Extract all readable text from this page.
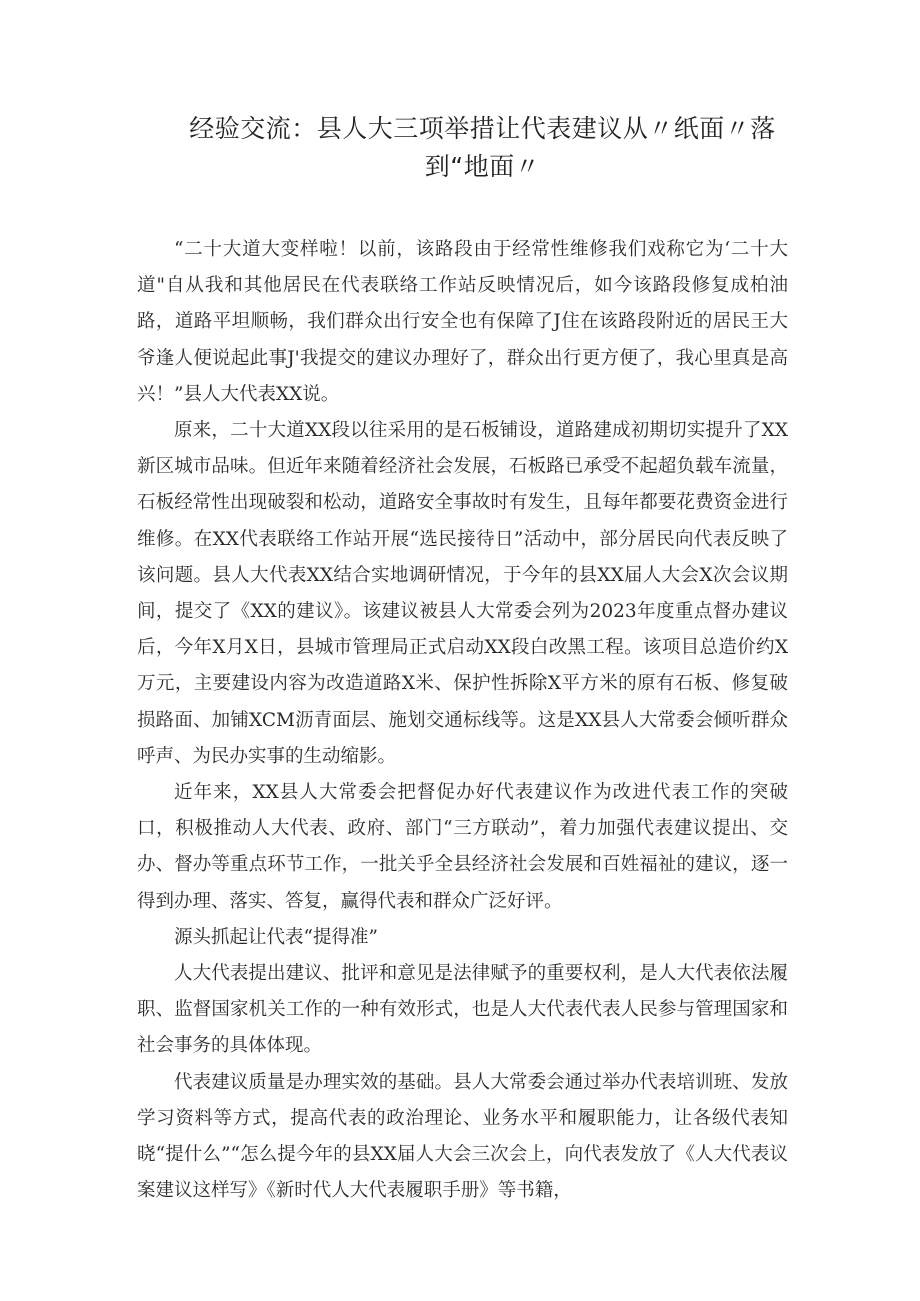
经验交流：县人大三项举措让代表建议从〃纸面〃落到“地面〃

“二十大道大变样啦！以前，该路段由于经常性维修我们戏称它为‘二十大道"自从我和其他居民在代表联络工作站反映情况后，如今该路段修复成柏油路，道路平坦顺畅，我们群众出行安全也有保障了J住在该路段附近的居民王大爷逢人便说起此事J'我提交的建议办理好了，群众出行更方便了，我心里真是高兴！”县人大代表XX说。

原来，二十大道XX段以往采用的是石板铺设，道路建成初期切实提升了XX新区城市品味。但近年来随着经济社会发展，石板路已承受不起超负载车流量，石板经常性出现破裂和松动，道路安全事故时有发生，且每年都要花费资金进行维修。在XX代表联络工作站开展“选民接待日”活动中，部分居民向代表反映了该问题。县人大代表XX结合实地调研情况，于今年的县XX届人大会X次会议期间，提交了《XX的建议》。该建议被县人大常委会列为2023年度重点督办建议后，今年X月X日，县城市管理局正式启动XX段白改黑工程。该项目总造价约X万元，主要建设内容为改造道路X米、保护性拆除X平方米的原有石板、修复破损路面、加铺XCM沥青面层、施划交通标线等。这是XX县人大常委会倾听群众呼声、为民办实事的生动缩影。

近年来，XX县人大常委会把督促办好代表建议作为改进代表工作的突破口，积极推动人大代表、政府、部门“三方联动”，着力加强代表建议提出、交办、督办等重点环节工作，一批关乎全县经济社会发展和百姓福祉的建议，逐一得到办理、落实、答复，赢得代表和群众广泛好评。

源头抓起让代表“提得准”

人大代表提出建议、批评和意见是法律赋予的重要权利，是人大代表依法履职、监督国家机关工作的一种有效形式，也是人大代表代表人民参与管理国家和社会事务的具体体现。

代表建议质量是办理实效的基础。县人大常委会通过举办代表培训班、发放学习资料等方式，提高代表的政治理论、业务水平和履职能力，让各级代表知晓“提什么”“怎么提今年的县XX届人大会三次会上，向代表发放了《人大代表议案建议这样写》《新时代人大代表履职手册》等书籍，
